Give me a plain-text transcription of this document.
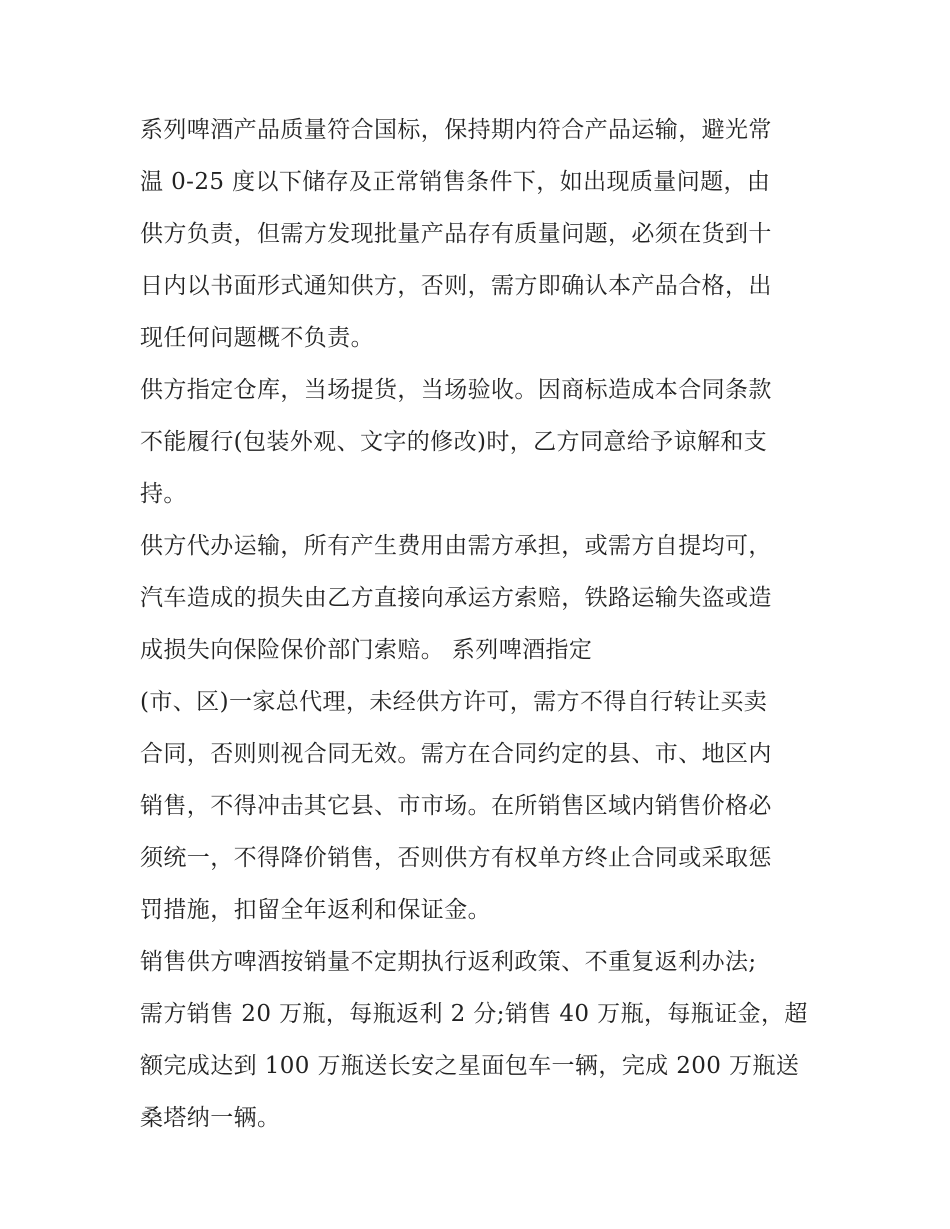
系列啤酒产品质量符合国标，保持期内符合产品运输，避光常
温 0-25 度以下储存及正常销售条件下，如出现质量问题，由
供方负责，但需方发现批量产品存有质量问题，必须在货到十
日内以书面形式通知供方，否则，需方即确认本产品合格，出
现任何问题概不负责。
供方指定仓库，当场提货，当场验收。因商标造成本合同条款
不能履行(包装外观、文字的修改)时，乙方同意给予谅解和支
持。
供方代办运输，所有产生费用由需方承担，或需方自提均可，
汽车造成的损失由乙方直接向承运方索赔，铁路运输失盗或造
成损失向保险保价部门索赔。 系列啤酒指定
(市、区)一家总代理，未经供方许可，需方不得自行转让买卖
合同，否则则视合同无效。需方在合同约定的县、市、地区内
销售，不得冲击其它县、市市场。在所销售区域内销售价格必
须统一，不得降价销售，否则供方有权单方终止合同或采取惩
罚措施，扣留全年返利和保证金。
销售供方啤酒按销量不定期执行返利政策、不重复返利办法;
需方销售 20 万瓶，每瓶返利 2 分;销售 40 万瓶，每瓶证金，超
额完成达到 100 万瓶送长安之星面包车一辆，完成 200 万瓶送
桑塔纳一辆。
